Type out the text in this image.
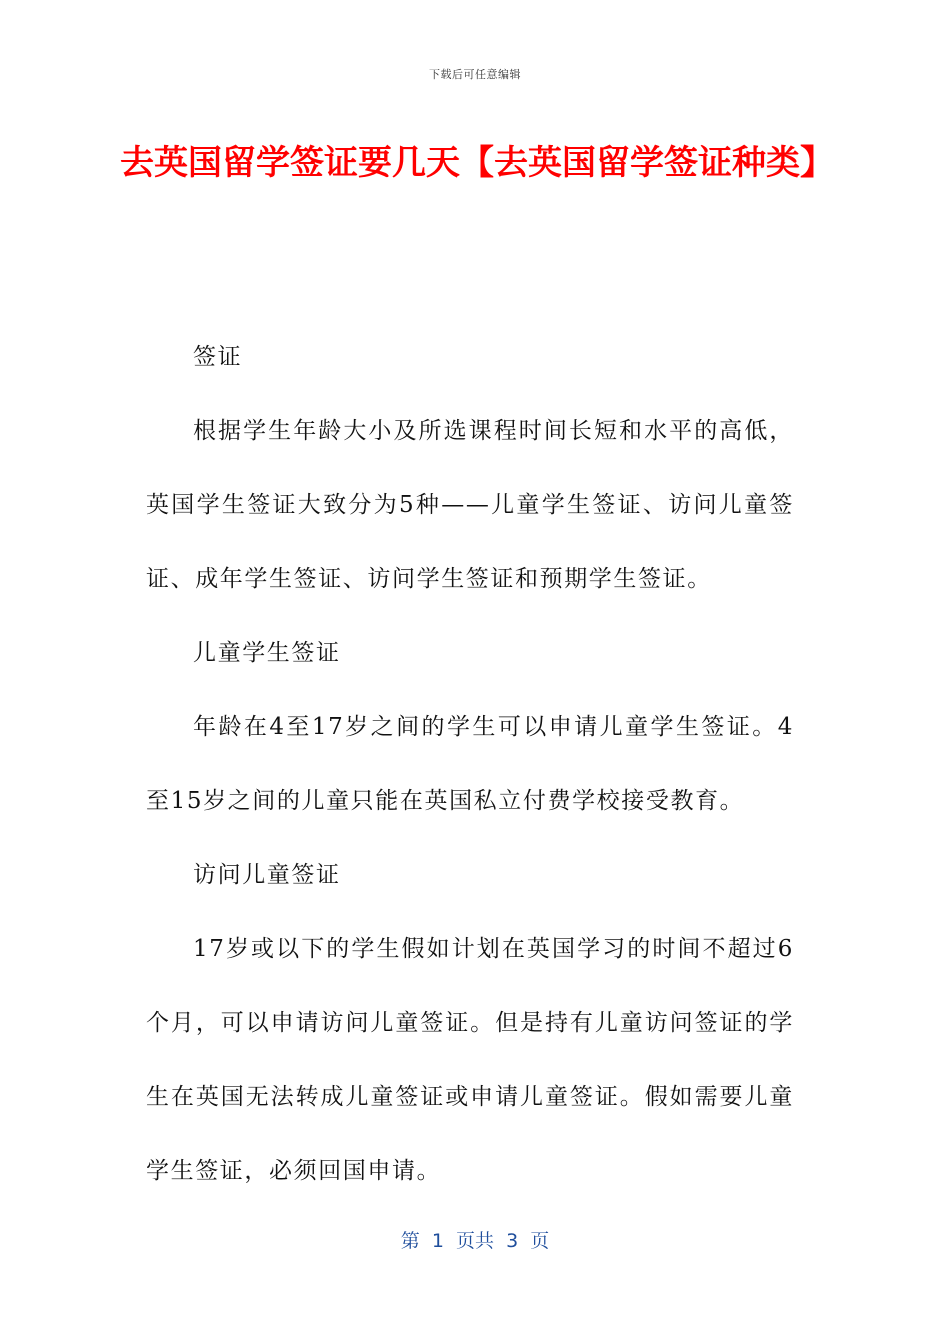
下载后可任意编辑
去英国留学签证要几天【去英国留学签证种类】

签证

根据学生年龄大小及所选课程时间长短和水平的高低，英国学生签证大致分为5种——儿童学生签证、访问儿童签证、成年学生签证、访问学生签证和预期学生签证。

儿童学生签证

年龄在4至17岁之间的学生可以申请儿童学生签证。4至15岁之间的儿童只能在英国私立付费学校接受教育。

访问儿童签证

17岁或以下的学生假如计划在英国学习的时间不超过6个月，可以申请访问儿童签证。但是持有儿童访问签证的学生在英国无法转成儿童签证或申请儿童签证。假如需要儿童学生签证，必须回国申请。

第  1  页共  3  页
